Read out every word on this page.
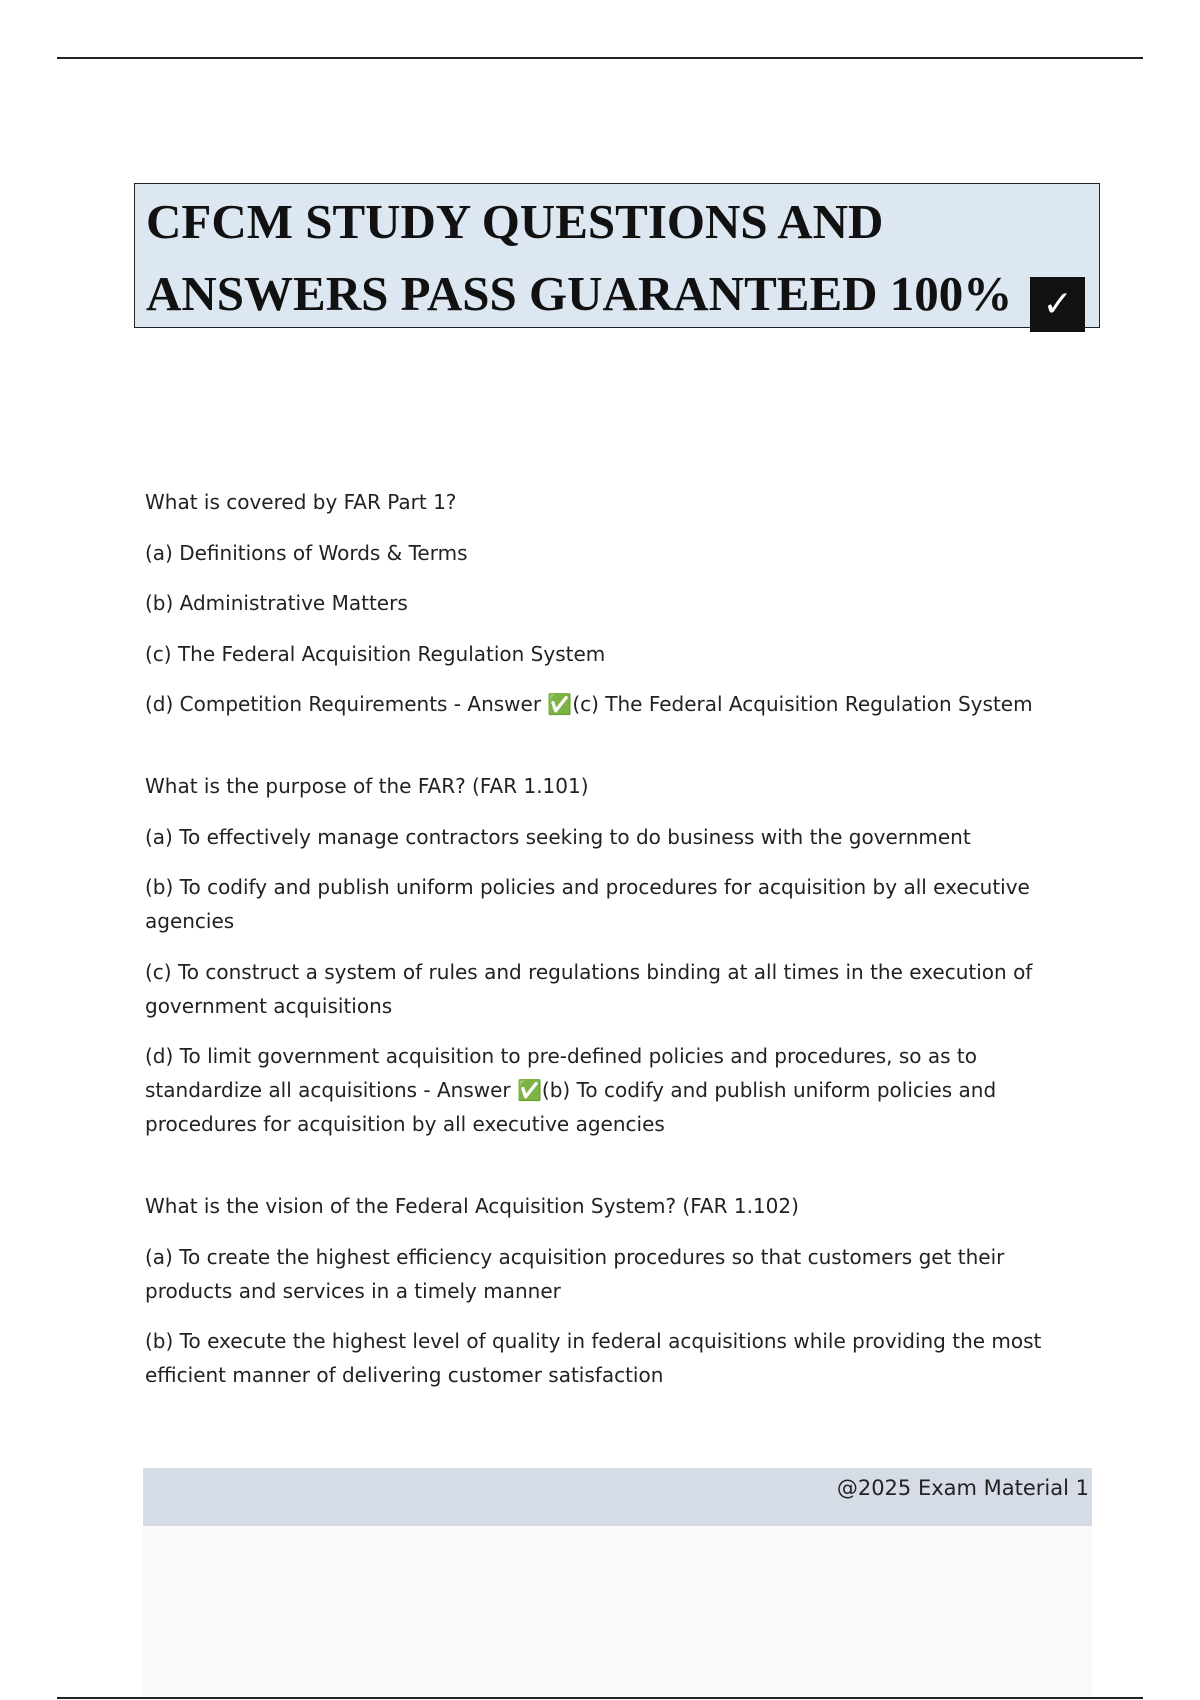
CFCM STUDY QUESTIONS AND

ANSWERS PASS GUARANTEED 100% ✓

What is covered by FAR Part 1?

(a) Definitions of Words & Terms

(b) Administrative Matters

(c) The Federal Acquisition Regulation System

(d) Competition Requirements - Answer ✅(c) The Federal Acquisition Regulation System

What is the purpose of the FAR? (FAR 1.101)

(a) To effectively manage contractors seeking to do business with the government

(b) To codify and publish uniform policies and procedures for acquisition by all executive agencies

(c) To construct a system of rules and regulations binding at all times in the execution of government acquisitions

(d) To limit government acquisition to pre-defined policies and procedures, so as to standardize all acquisitions - Answer ✅(b) To codify and publish uniform policies and procedures for acquisition by all executive agencies

What is the vision of the Federal Acquisition System? (FAR 1.102)

(a) To create the highest efficiency acquisition procedures so that customers get their products and services in a timely manner

(b) To execute the highest level of quality in federal acquisitions while providing the most efficient manner of delivering customer satisfaction

@2025 Exam Material 1
